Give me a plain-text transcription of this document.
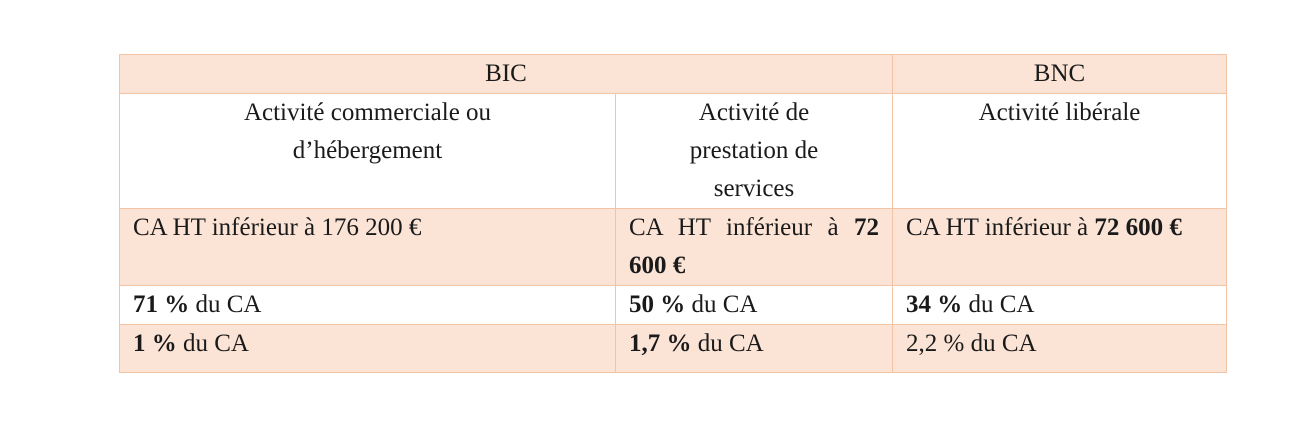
BIC		BNC
Activité commerciale ou d’hébergement	Activité de prestation de services	Activité libérale
CA HT inférieur à 176 200 €	CA HT inférieur à 72 600 €	CA HT inférieur à 72 600 €
71 % du CA	50 % du CA	34 % du CA
1 % du CA	1,7 % du CA	2,2 % du CA
